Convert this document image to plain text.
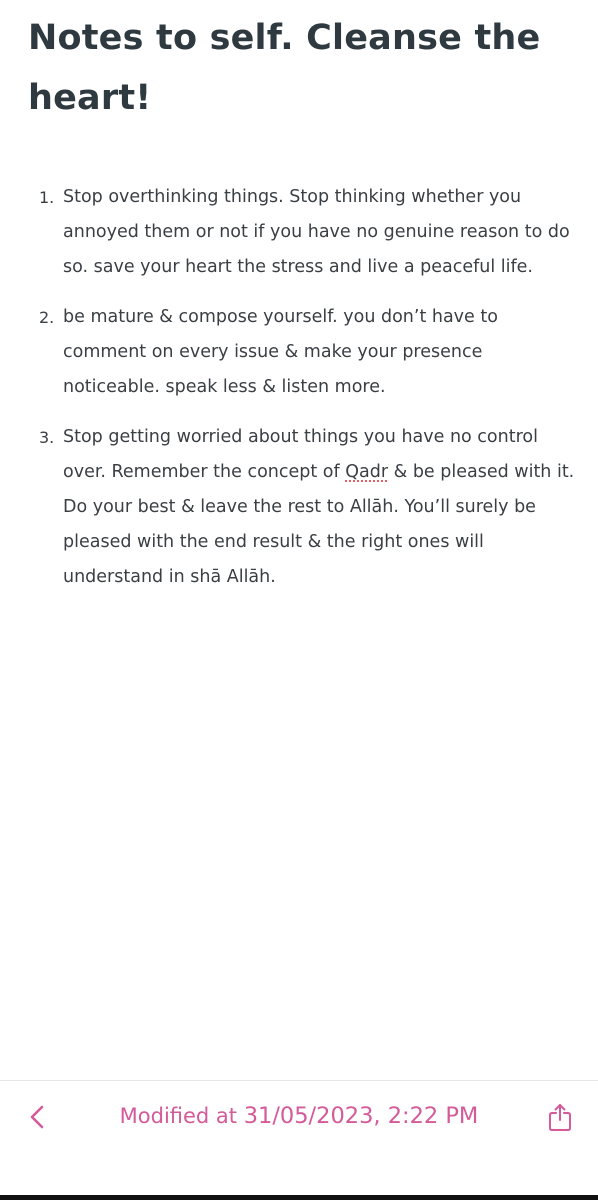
Notes to self. Cleanse the heart!
1. Stop overthinking things. Stop thinking whether you annoyed them or not if you have no genuine reason to do so. save your heart the stress and live a peaceful life.
2. be mature & compose yourself. you don’t have to comment on every issue & make your presence noticeable. speak less & listen more.
3. Stop getting worried about things you have no control over. Remember the concept of Qadr & be pleased with it. Do your best & leave the rest to Allāh. You’ll surely be pleased with the end result & the right ones will understand in shā Allāh.
Modified at 31/05/2023, 2:22 PM
